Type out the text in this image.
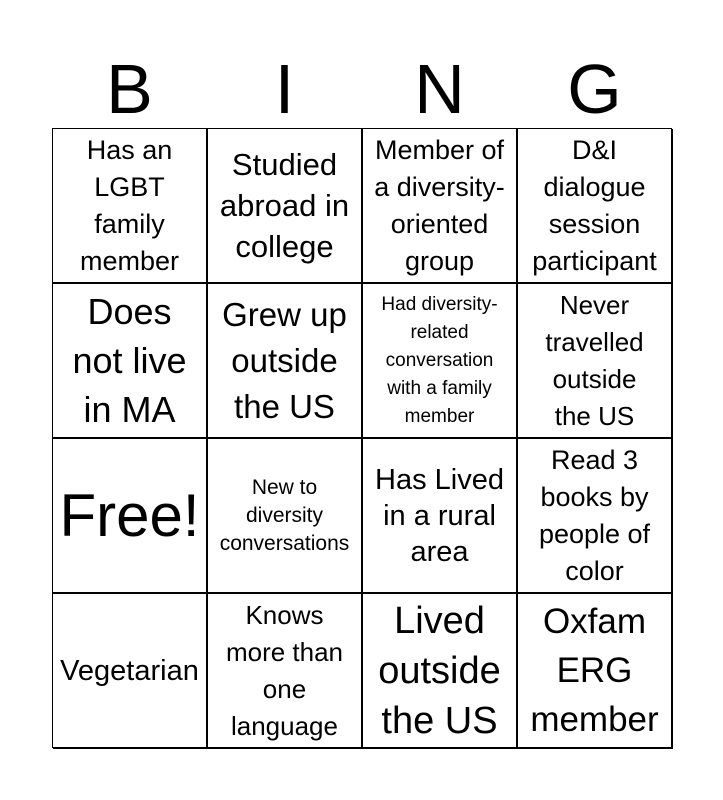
B	I	N	G
Has an
LGBT
family
member
Studied
abroad in
college
Member of
a diversity-
oriented
group
D&I
dialogue
session
participant
Does
not live
in MA
Grew up
outside
the US
Had diversity-
related
conversation
with a family
member
Never
travelled
outside
the US
Free!	New to
diversity
conversations
Has Lived
in a rural
area
Read 3
books by
people of
color
Vegetarian
Knows
more than
one
language
Lived
outside
the US
Oxfam
ERG
member
